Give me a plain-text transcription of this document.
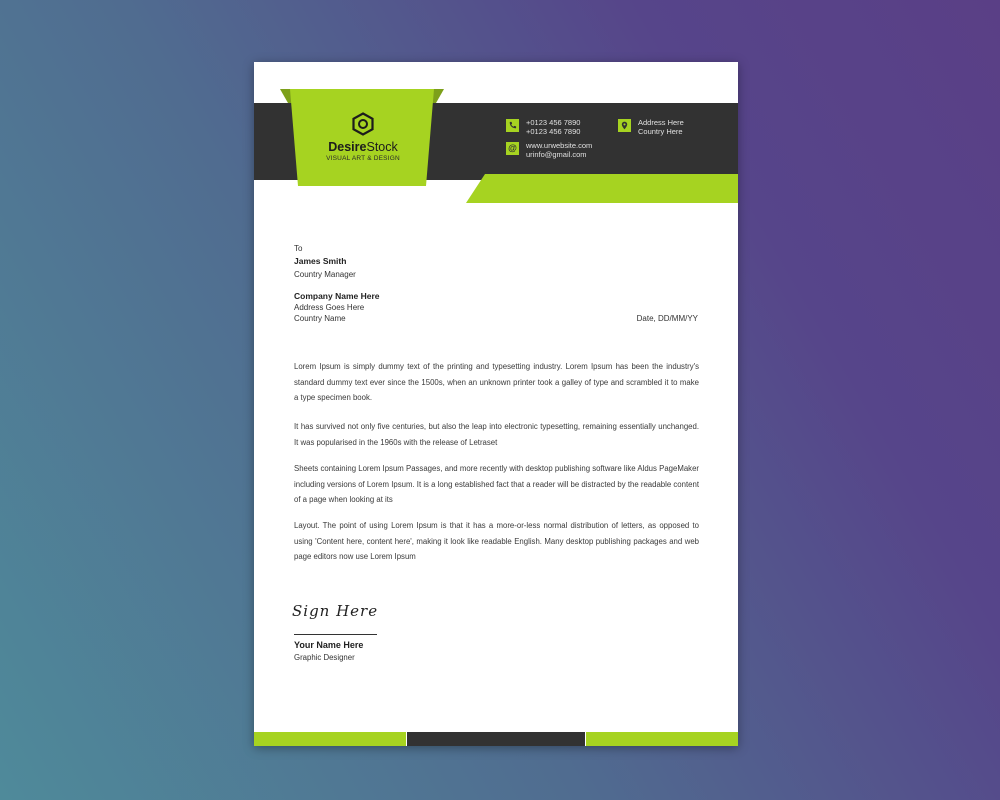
DesireStock
VISUAL ART & DESIGN
+0123 456 7890
+0123 456 7890
Address Here
Country Here
@ www.urwebsite.com
urinfo@gmail.com
To
James Smith
Country Manager
Company Name Here
Address Goes Here
Country Name	Date, DD/MM/YY

Lorem Ipsum is simply dummy text of the printing and typesetting industry. Lorem Ipsum has been the industry's standard dummy text ever since the 1500s, when an unknown printer took a galley of type and scrambled it to make a type specimen book.

It has survived not only five centuries, but also the leap into electronic typesetting, remaining essentially unchanged. It was popularised in the 1960s with the release of Letraset

Sheets containing Lorem Ipsum Passages, and more recently with desktop publishing software like Aldus PageMaker including versions of Lorem Ipsum. It is a long established fact that a reader will be distracted by the readable content of a page when looking at its

Layout. The point of using Lorem Ipsum is that it has a more-or-less normal distribution of letters, as opposed to using 'Content here, content here', making it look like readable English. Many desktop publishing packages and web page editors now use Lorem Ipsum

Sign Here
Your Name Here
Graphic Designer
